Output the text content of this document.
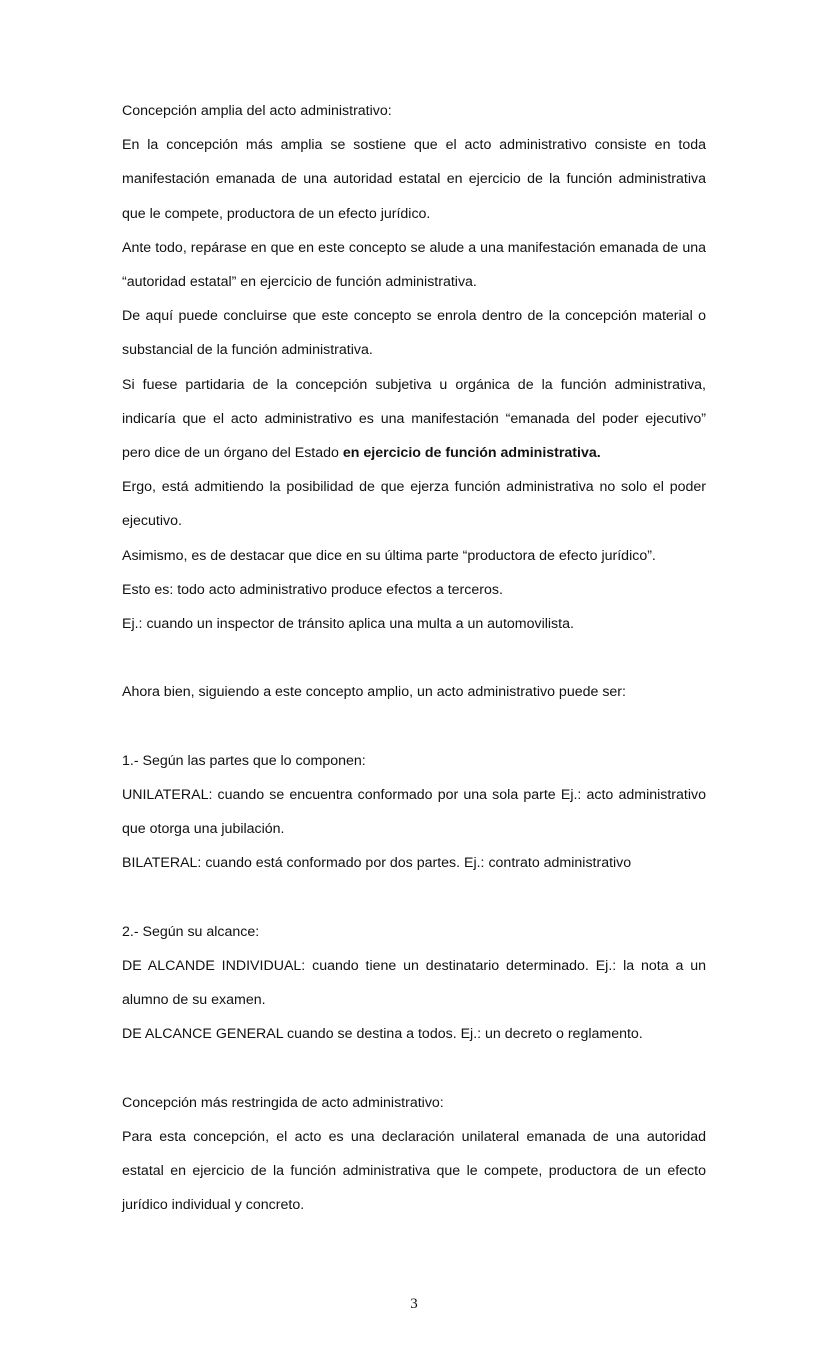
Concepción amplia del acto administrativo:

En la concepción más amplia se sostiene que el acto administrativo consiste en toda manifestación emanada de una autoridad estatal en ejercicio de la función administrativa que le compete, productora de un efecto jurídico.

Ante todo, repárase en que en este concepto se alude a una manifestación emanada de una “autoridad estatal” en ejercicio de función administrativa.

De aquí puede concluirse que este concepto se enrola dentro de la concepción material o substancial de la función administrativa.

Si fuese partidaria de la concepción subjetiva u orgánica de la función administrativa, indicaría que el acto administrativo es una manifestación “emanada del poder ejecutivo” pero dice de un órgano del Estado en ejercicio de función administrativa.

Ergo, está admitiendo la posibilidad de que ejerza función administrativa no solo el poder ejecutivo.

Asimismo, es de destacar que dice en su última parte “productora de efecto jurídico”.

Esto es: todo acto administrativo produce efectos a terceros.

Ej.: cuando un inspector de tránsito aplica una multa a un automovilista.

Ahora bien, siguiendo a este concepto amplio, un acto administrativo puede ser:

1.- Según las partes que lo componen:

UNILATERAL: cuando se encuentra conformado por una sola parte Ej.: acto administrativo que otorga una jubilación.

BILATERAL: cuando está conformado por dos partes. Ej.: contrato administrativo

2.- Según su alcance:

DE ALCANDE INDIVIDUAL: cuando tiene un destinatario determinado. Ej.: la nota a un alumno de su examen.

DE ALCANCE GENERAL cuando se destina a todos. Ej.: un decreto o reglamento.

Concepción más restringida de acto administrativo:

Para esta concepción, el acto es una declaración unilateral emanada de una autoridad estatal en ejercicio de la función administrativa que le compete, productora de un efecto jurídico individual y concreto.

3
